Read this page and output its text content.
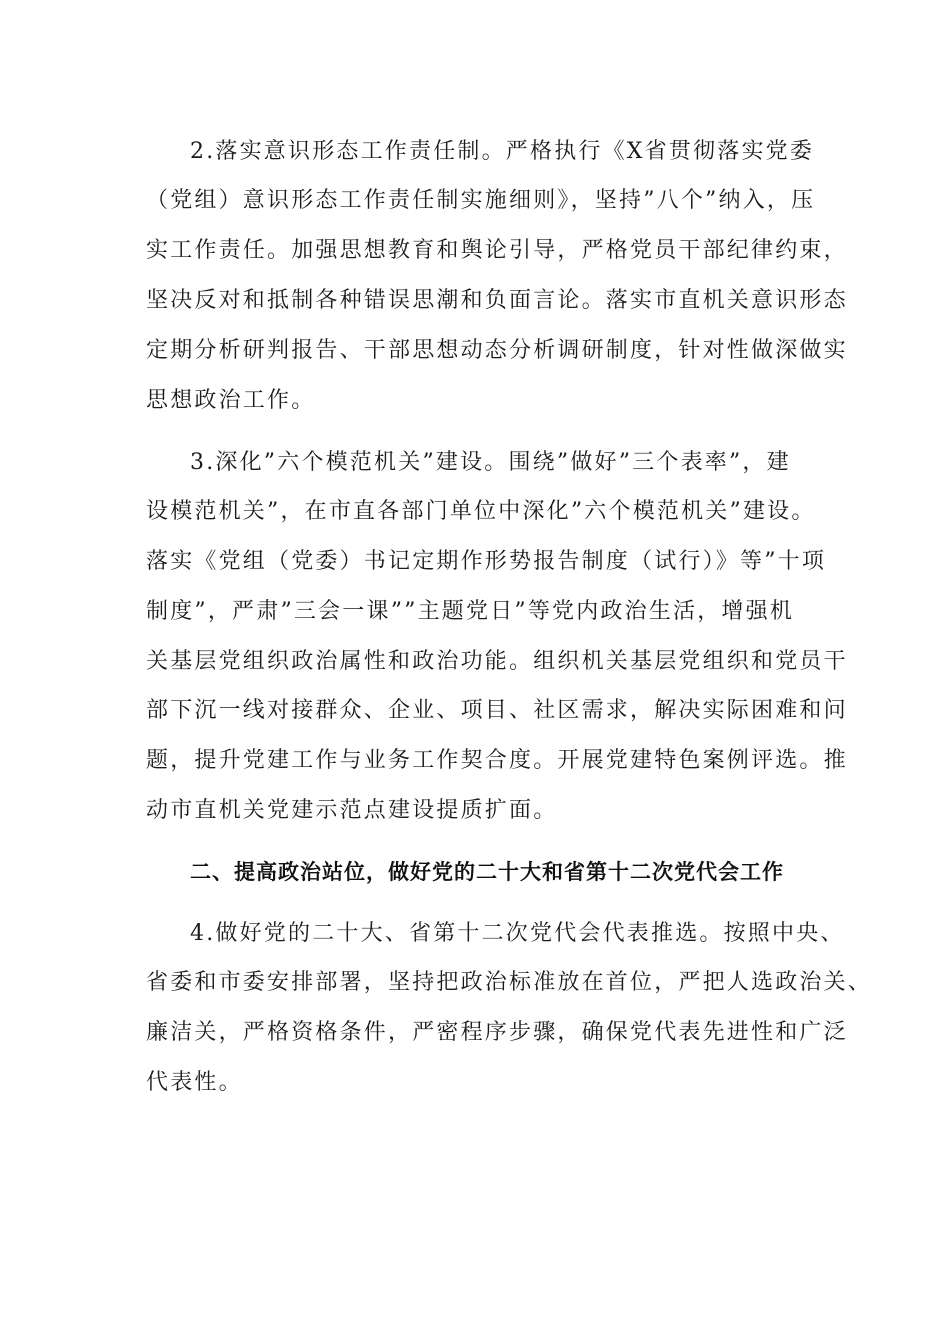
2.落实意识形态工作责任制。严格执行《X省贯彻落实党委
（党组）意识形态工作责任制实施细则》，坚持”八个”纳入，压
实工作责任。加强思想教育和舆论引导，严格党员干部纪律约束，
坚决反对和抵制各种错误思潮和负面言论。落实市直机关意识形态
定期分析研判报告、干部思想动态分析调研制度，针对性做深做实
思想政治工作。
3.深化”六个模范机关”建设。围绕”做好”三个表率”，建
设模范机关”，在市直各部门单位中深化”六个模范机关”建设。
落实《党组（党委）书记定期作形势报告制度（试行）》等”十项
制度”，严肃”三会一课””主题党日”等党内政治生活，增强机
关基层党组织政治属性和政治功能。组织机关基层党组织和党员干
部下沉一线对接群众、企业、项目、社区需求，解决实际困难和问
题，提升党建工作与业务工作契合度。开展党建特色案例评选。推
动市直机关党建示范点建设提质扩面。
二、提高政治站位，做好党的二十大和省第十二次党代会工作
4.做好党的二十大、省第十二次党代会代表推选。按照中央、
省委和市委安排部署，坚持把政治标准放在首位，严把人选政治关、
廉洁关，严格资格条件，严密程序步骤，确保党代表先进性和广泛
代表性。
